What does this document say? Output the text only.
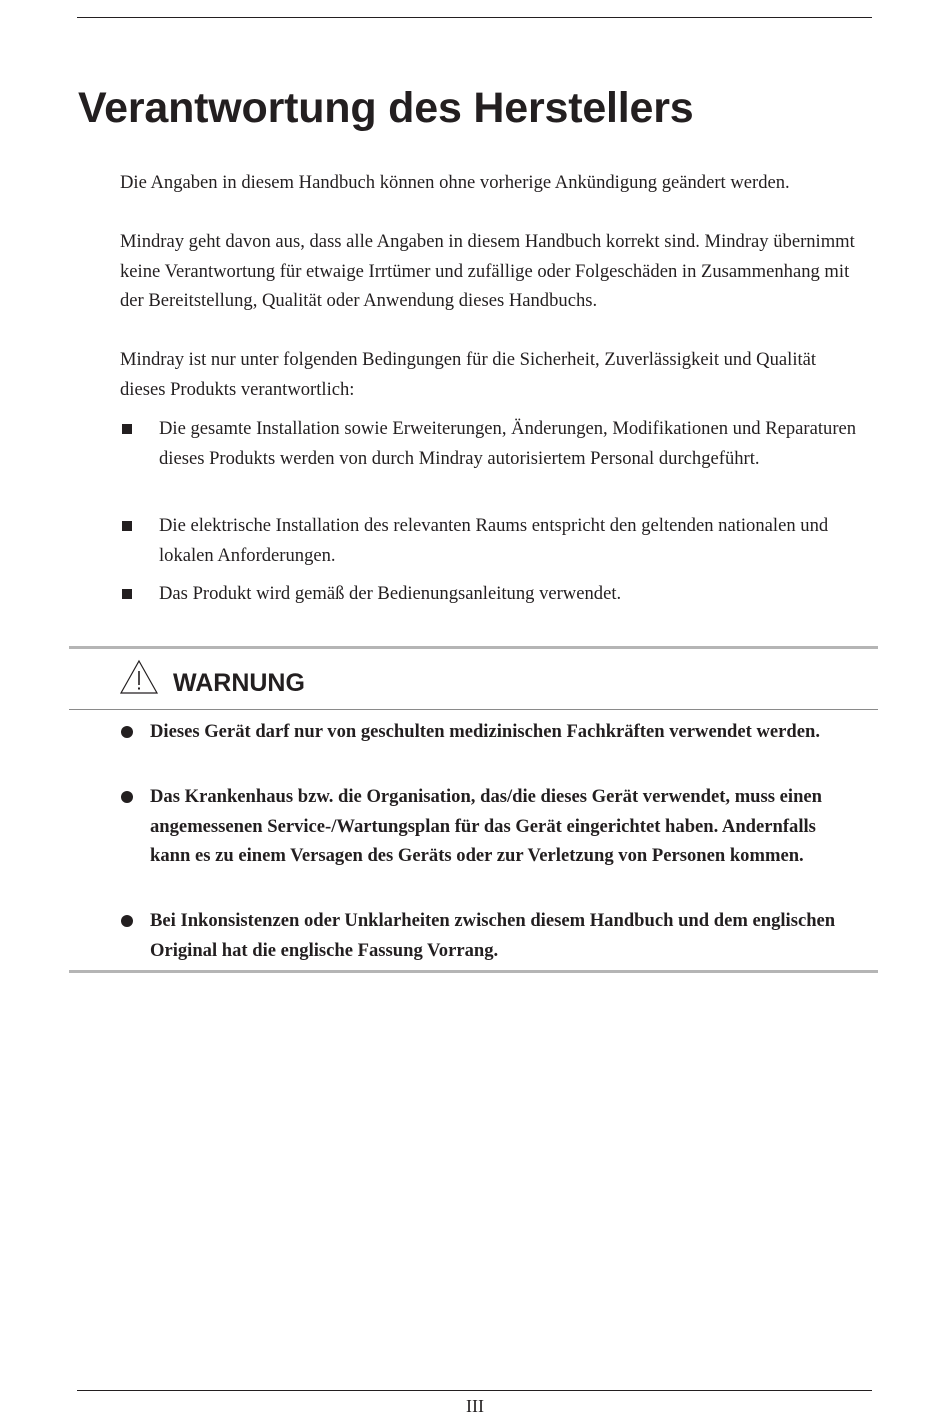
Verantwortung des Herstellers

Die Angaben in diesem Handbuch können ohne vorherige Ankündigung geändert werden.

Mindray geht davon aus, dass alle Angaben in diesem Handbuch korrekt sind. Mindray übernimmt keine Verantwortung für etwaige Irrtümer und zufällige oder Folgeschäden in Zusammenhang mit der Bereitstellung, Qualität oder Anwendung dieses Handbuchs.

Mindray ist nur unter folgenden Bedingungen für die Sicherheit, Zuverlässigkeit und Qualität dieses Produkts verantwortlich:

Die gesamte Installation sowie Erweiterungen, Änderungen, Modifikationen und Reparaturen dieses Produkts werden von durch Mindray autorisiertem Personal durchgeführt.

Die elektrische Installation des relevanten Raums entspricht den geltenden nationalen und lokalen Anforderungen.

Das Produkt wird gemäß der Bedienungsanleitung verwendet.

WARNUNG

Dieses Gerät darf nur von geschulten medizinischen Fachkräften verwendet werden.

Das Krankenhaus bzw. die Organisation, das/die dieses Gerät verwendet, muss einen angemessenen Service-/Wartungsplan für das Gerät eingerichtet haben. Andernfalls kann es zu einem Versagen des Geräts oder zur Verletzung von Personen kommen.

Bei Inkonsistenzen oder Unklarheiten zwischen diesem Handbuch und dem englischen Original hat die englische Fassung Vorrang.

III
